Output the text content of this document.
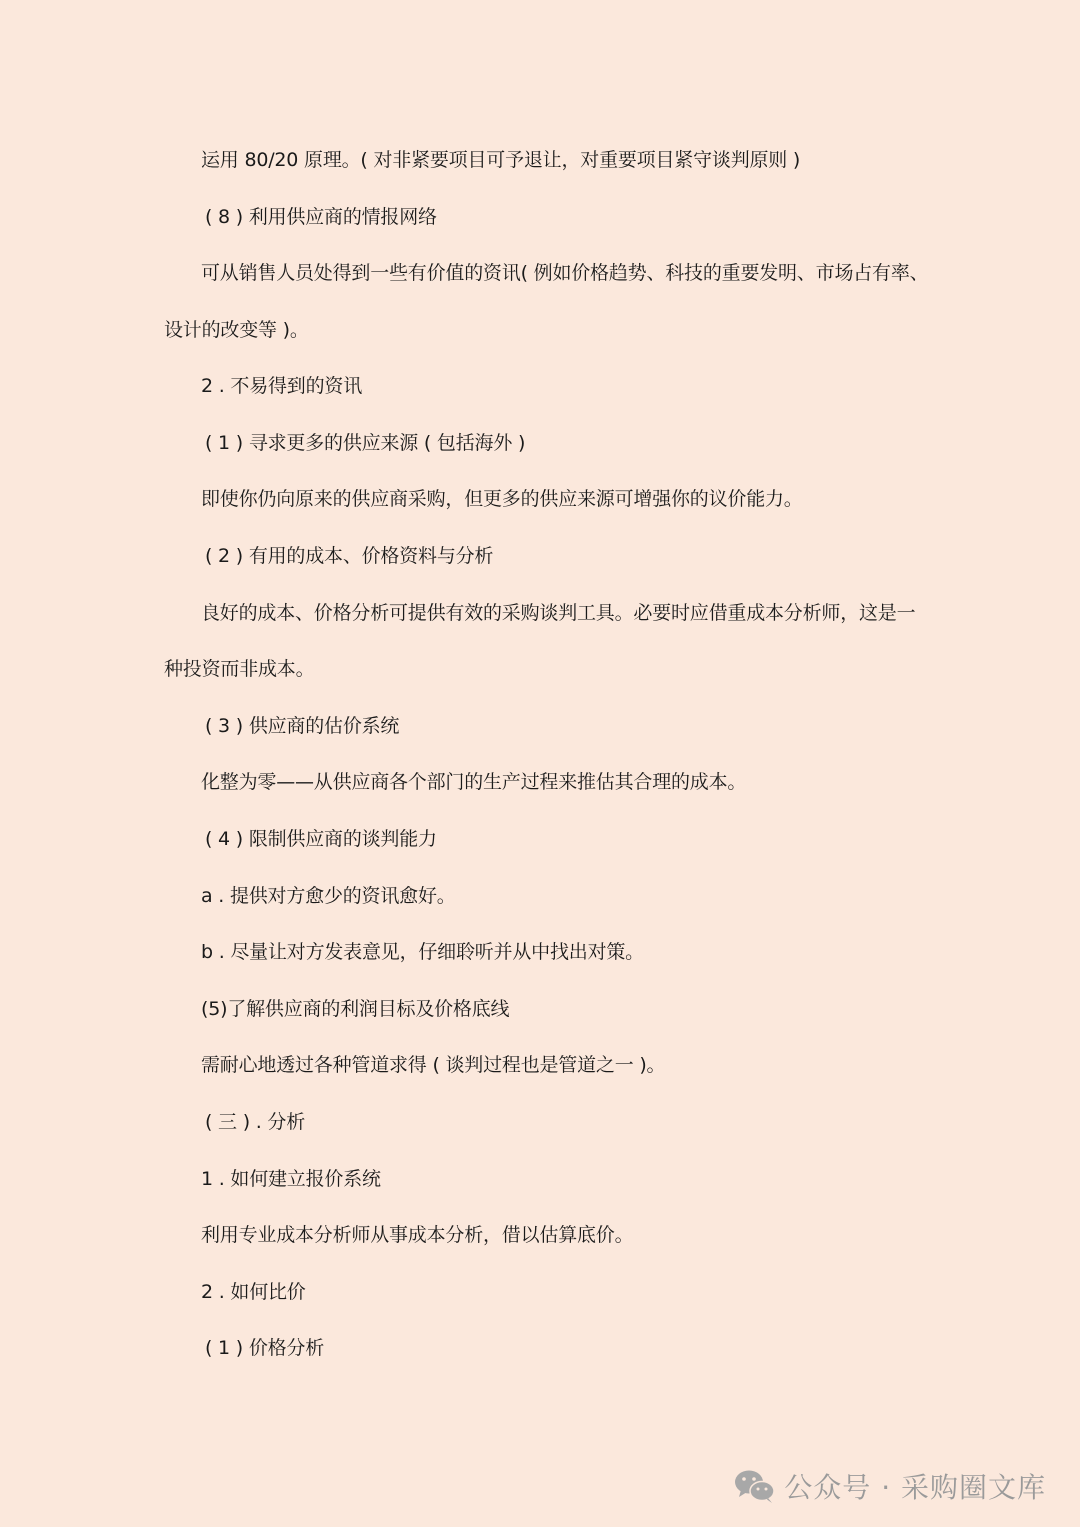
运用 80/20 原理。( 对非紧要项目可予退让，对重要项目紧守谈判原则 )
( 8 ) 利用供应商的情报网络
可从销售人员处得到一些有价值的资讯( 例如价格趋势、科技的重要发明、市场占有率、
设计的改变等 )。
2 . 不易得到的资讯
( 1 ) 寻求更多的供应来源 ( 包括海外 )
即使你仍向原来的供应商采购，但更多的供应来源可增强你的议价能力。
( 2 ) 有用的成本、价格资料与分析
良好的成本、价格分析可提供有效的采购谈判工具。必要时应借重成本分析师，这是一
种投资而非成本。
( 3 ) 供应商的估价系统
化整为零——从供应商各个部门的生产过程来推估其合理的成本。
( 4 ) 限制供应商的谈判能力
a . 提供对方愈少的资讯愈好。
b . 尽量让对方发表意见，仔细聆听并从中找出对策。
(5)了解供应商的利润目标及价格底线
需耐心地透过各种管道求得 ( 谈判过程也是管道之一 )。
( 三 ) . 分析
1 . 如何建立报价系统
利用专业成本分析师从事成本分析，借以估算底价。
2 . 如何比价
( 1 ) 价格分析
公众号 · 采购圈文库
